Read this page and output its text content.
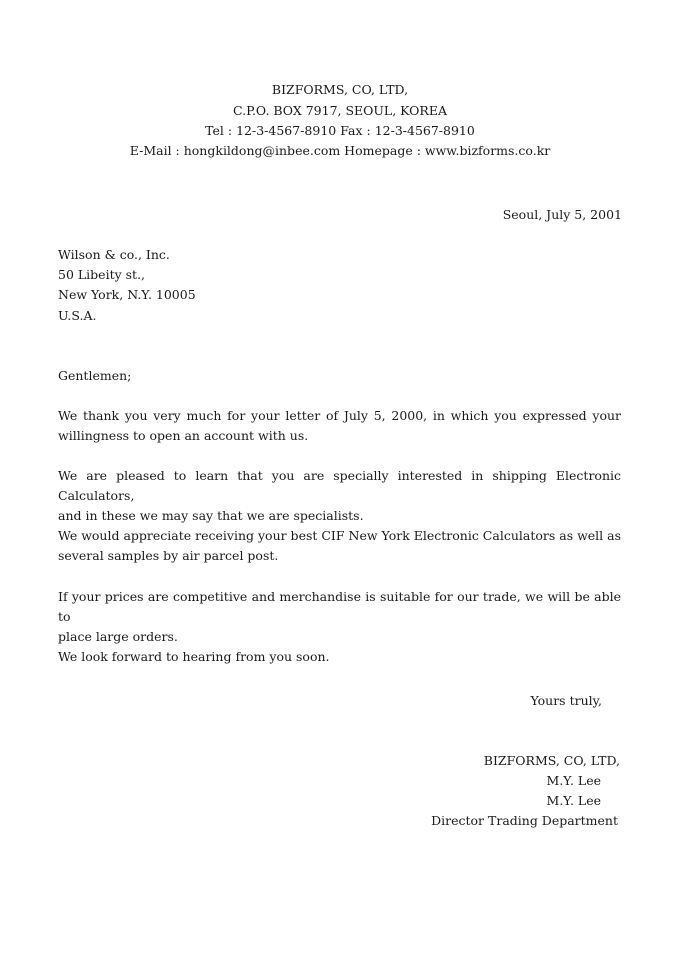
BIZFORMS, CO, LTD,
C.P.O. BOX 7917, SEOUL, KOREA
Tel : 12-3-4567-8910 Fax : 12-3-4567-8910
E-Mail : hongkildong@inbee.com Homepage : www.bizforms.co.kr
Seoul, July 5, 2001
Wilson & co., Inc.
50 Libeity st.,
New York, N.Y. 10005
U.S.A.
Gentlemen;
We thank you very much for your letter of July 5, 2000, in which you expressed your
willingness to open an account with us.
We are pleased to learn that you are specially interested in shipping Electronic Calculators,
and in these we may say that we are specialists.
We would appreciate receiving your best CIF New York Electronic Calculators as well as
several samples by air parcel post.
If your prices are competitive and merchandise is suitable for our trade, we will be able to
place large orders.
We look forward to hearing from you soon.
Yours truly,
BIZFORMS, CO, LTD,
M.Y. Lee
M.Y. Lee
Director Trading Department
